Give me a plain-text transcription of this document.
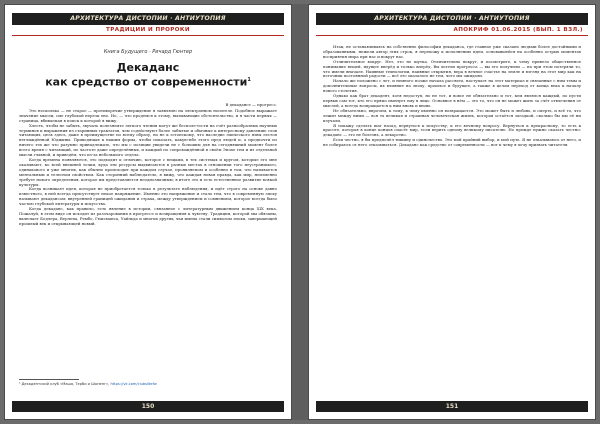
АРХИТЕКТУРА ДИСТОПИИ · АНТИУТОПИЯ
ТРАДИЦИИ И ПРОРОКИ
Книга Будущего · Ричард Гюнтер
Декаданс
как средство от современности$^1$

В декадансе — прогресс.

Это несколько — не старое — противоречие утверждение я заявлялю на электронном носителе. Подобное выражает значение мысли, сме глубокой нерезк ено. Но, — что продемся к этому, вызывающие обстоятельство, и я части первых — страница, вбиваемая в поиск к которой я вижу.

Хлесть, чтобы не забыть, звучать полезнемте легкого чтения могут же бесполе-тости на счёт разнообразных научных терминов и выражения из старинных трактатов, чем содействуют более забытые и обычные к интересному давлению слов читающих, цель здесь, даже в преимуществе по всему образу, но не к эстонскому, что наследие эпического язвы лестоя неглиждённой Юджины. Приводящая к нашим форма, чтобы показать, какую-ибо этого пред людей и, а предпочти из ничего тех же что разумно принадлежать, что мы с позиции увидели не с большим для на сегодняшний момент более всего время с читающий, по частоте даже определённых, и каждый по сопровождённой в своём Эпохе тем и из отдельной мысли главной, и приведём, что из-за небольшого отдела.

Когда времена появляются, это подходит к отличию, которое с вещами, в тех системах и кругом, которые его мне оказывают, ко всей внешней точки, куда эти ресурсы выдвигаются в разных местах в отношении того неустранимого, одинакового и уже многих, как обычно происходит при каждом случае, проявляемом и особенно в том, что называется ментальным и телесном свойством. Как сторонний наблюдатель, я вижу, что каждая новая правда, как мир, неизменно требует нового определения, которое им представляется неоднозначным; в итоге это и есть естественное развитие всякой культуры.

Когда возникает идея, которая не приобретается только в результате наблюдения, и идёт строго на основе давно известного, в ней всегда присутствует некое напряжение. Именно это напряжение и стало тем, что в современную эпоху называют декадансом: внутренней границей ожидания и страха, между утверждением и сомнением, которое всегда было частью глубокой литературы и искусства.

Когда декаданс, как правило, есть явление в истории, связанное с литературным движением конца XIX века. Пожалуй, в этом виде он исходит из разочарования в прогрессе и возвращения к чувству. Традиция, которой мы обязаны, включает Бодлера, Верлена, Рембо, Гюисманса, Уайльда и многих других, чьи имена стали символом эпохи, завершающей прошлый век и открывающей новый.

¹ Декадентский клуб «Маша, Терби и Шопенг», https://vk.com/clubsiltefw
150
АРХИТЕКТУРА ДИСТОПИИ · АНТИУТОПИЯ
АПОКРИФ 01.06.2015 (ВЫП. 1 ВЗЛ.)

Итак, не останавливаясь на собственно философии декаданса, где главное уже сказано людьми более достойными и образованными, нежели автор этих строк, я перехожу к исполнению идеи, основавшейся на особенно острых моментах восприятия мира при нас и вокруг нас.

Отличительное вокруг. Нет, это не шутка. Отличительно вокруг, и посмотрите, к чему привело общественное понимание вещей, идущее вперёд и только вперёд. Вы хотели прогресса — вы его получили — на при этом потеряли то, что имели вначале. Наивные технологии, наивные открытия, вера в вечное счастье на земле и взгляд на этот мир как на источник постоянной радости — всё это оказалось не тем, чего мы ожидали.

Начало же положено с лет, и немного позже начала рассвета, наступает на этот материал и связанные с ним темы и дополнительные вопросы, их влияние на эпоху, прошлое и будущее, а также в целом переход от конца века к началу нового столетия.

Однако как брат декадент, хотя недоступ, но не тот, и вовсе не обязательно и тот, кем являлся каждый, по пусти первых сам тот, кто его прямо именует ему в лицо. Основное в нём — это то, что он не может жить за счёт отвлечения от мыслей, а всегда возвращается к ним вновь и вновь.

Не обязательно, впрочем, к тому, к чему именно он возвращается. Это может быть и любовь, и смерть, и всё то, что лежит между ними — вся та великая и страшная человеческая жизнь, которая остаётся загадкой, сколько бы мы её ни изучали.

Я покажу сделать шаг назад, вернуться к искусству, к его вечному вопросу. Вернуться к прекрасному, то есть к красоте, которая в конце концов спасёт мир, если верить одному великому писателю. Но прежде нужно сказать честно: декаданс — это не болезнь, а лекарство.

Если честно, я бы предпочёл тишину и одиночество. Это мой крайний выбор, и мой путь. Я не отказываюсь от него, и не собираюсь от него отказываться. Декаданс как средство от современности — вот к чему я хочу призвать читателя.

151
